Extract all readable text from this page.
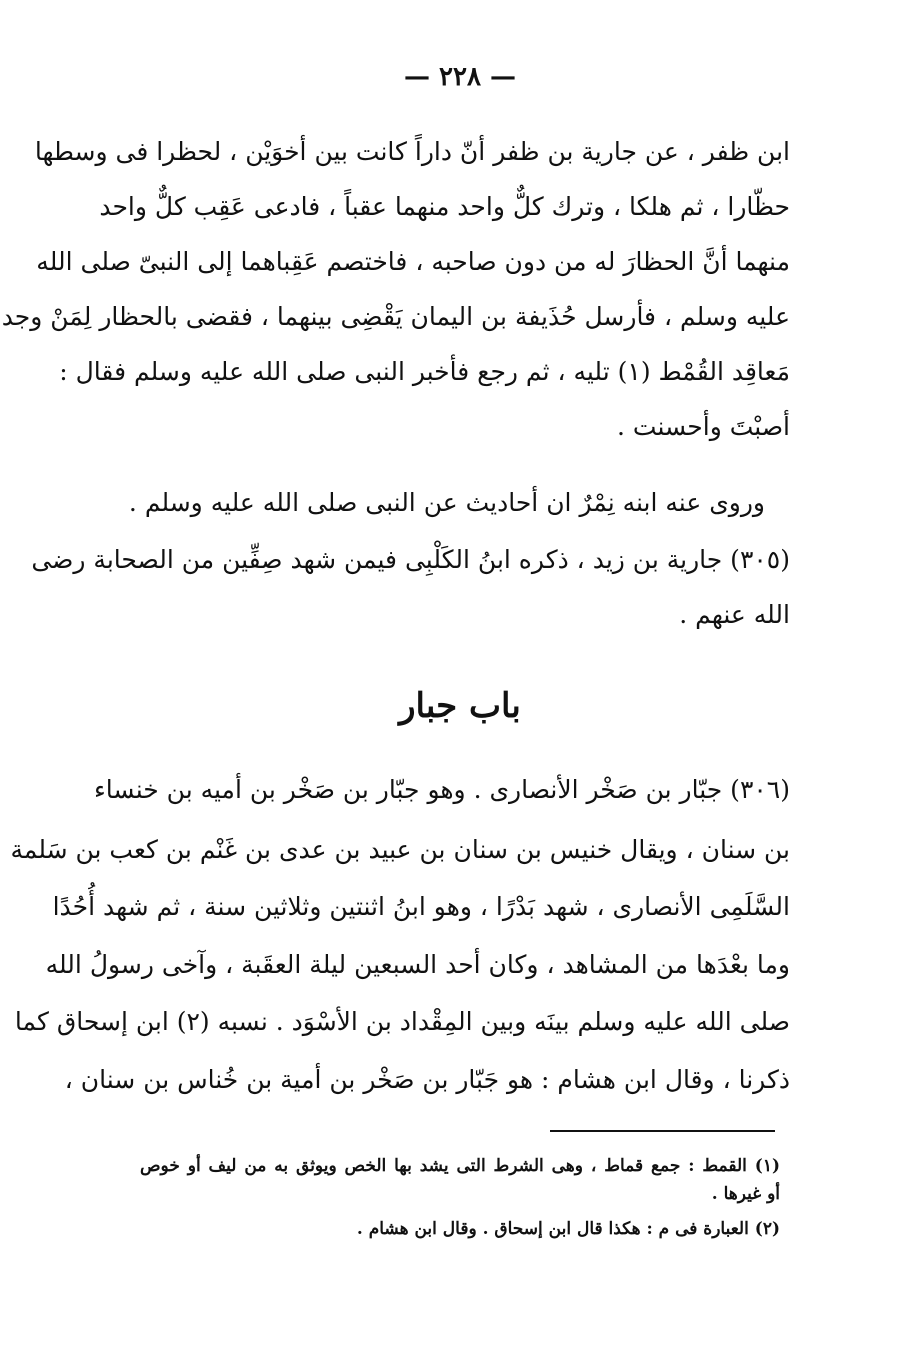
— ٢٢٨ —
ابن ظفر ، عن جارية بن ظفر أنّ داراً كانت بين أخوَيْن ، لحظرا فى وسطها
حظّارا ، ثم هلكا ، وترك كلٌّ واحد منهما عقباً ، فادعى عَقِب كلٌّ واحد
منهما أنَّ الحظارَ له من دون صاحبه ، فاختصم عَقِباهما إلى النبىّ صلى الله
عليه وسلم ، فأرسل حُذَيفة بن اليمان يَقْضِى بينهما ، فقضى بالحظار لِمَنْ وجد
مَعاقِد القُمْط (١) تليه ، ثم رجع فأخبر النبى صلى الله عليه وسلم فقال :
أصبْتَ وأحسنت .
وروى عنه ابنه نِمْرٌ ان أحاديث عن النبى صلى الله عليه وسلم .
(٣٠٥) جارية بن زيد ، ذكره ابنُ الكَلْبِى فيمن شهد صِفِّين من الصحابة رضى
الله عنهم .
باب جبار
(٣٠٦) جبّار بن صَخْر الأنصارى . وهو جبّار بن صَخْر بن أميه بن خنساء
بن سنان ، ويقال خنيس بن سنان بن عبيد بن عدى بن غَنْم بن كعب بن سَلمة
السَّلَمِى الأنصارى ، شهد بَدْرًا ، وهو ابنُ اثنتين وثلاثين سنة ، ثم شهد أُحُدًا
وما بعْدَها من المشاهد ، وكان أحد السبعين ليلة العقَبة ، وآخى رسولُ الله
صلى الله عليه وسلم بينَه وبين المِقْداد بن الأسْوَد . نسبه (٢) ابن إسحاق كما
ذكرنا ، وقال ابن هشام : هو جَبّار بن صَخْر بن أمية بن خُناس بن سنان ،
(١) القمط : جمع قماط ، وهى الشرط التى يشد بها الخص ويوثق به من ليف أو خوص
أو غيرها .
(٢) العبارة فى م : هكذا قال ابن إسحاق . وقال ابن هشام .
